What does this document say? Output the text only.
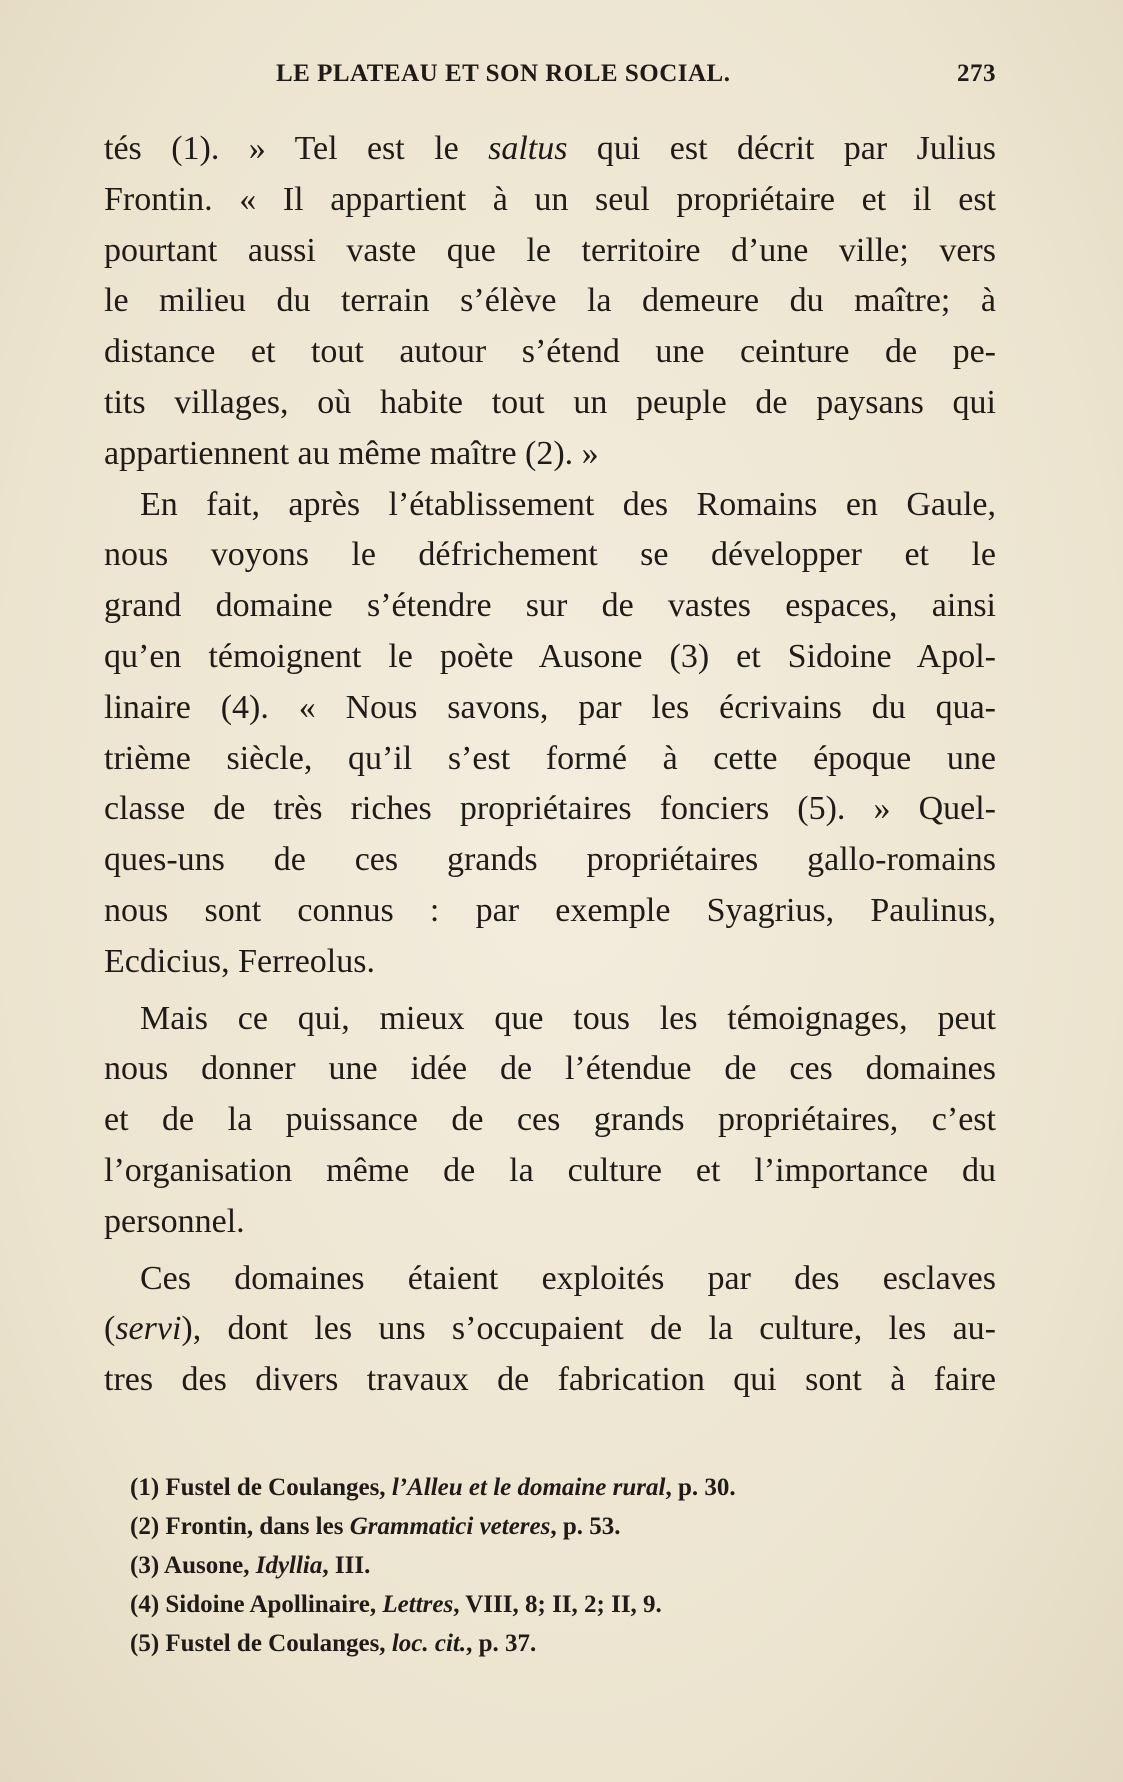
LE PLATEAU ET SON ROLE SOCIAL.	273
tés (1). » Tel est le saltus qui est décrit par Julius
Frontin. « Il appartient à un seul propriétaire et il est
pourtant aussi vaste que le territoire d’une ville; vers
le milieu du terrain s’élève la demeure du maître; à
distance et tout autour s’étend une ceinture de pe-
tits villages, où habite tout un peuple de paysans qui
appartiennent au même maître (2). »
En fait, après l’établissement des Romains en Gaule,
nous voyons le défrichement se développer et le
grand domaine s’étendre sur de vastes espaces, ainsi
qu’en témoignent le poète Ausone (3) et Sidoine Apol-
linaire (4). « Nous savons, par les écrivains du qua-
trième siècle, qu’il s’est formé à cette époque une
classe de très riches propriétaires fonciers (5). » Quel-
ques-uns de ces grands propriétaires gallo-romains
nous sont connus : par exemple Syagrius, Paulinus,
Ecdicius, Ferreolus.
Mais ce qui, mieux que tous les témoignages, peut
nous donner une idée de l’étendue de ces domaines
et de la puissance de ces grands propriétaires, c’est
l’organisation même de la culture et l’importance du
personnel.
Ces domaines étaient exploités par des esclaves
(servi), dont les uns s’occupaient de la culture, les au-
tres des divers travaux de fabrication qui sont à faire
(1) Fustel de Coulanges, l’Alleu et le domaine rural, p. 30.
(2) Frontin, dans les Grammatici veteres, p. 53.
(3) Ausone, Idyllia, III.
(4) Sidoine Apollinaire, Lettres, VIII, 8; II, 2; II, 9.
(5) Fustel de Coulanges, loc. cit., p. 37.
